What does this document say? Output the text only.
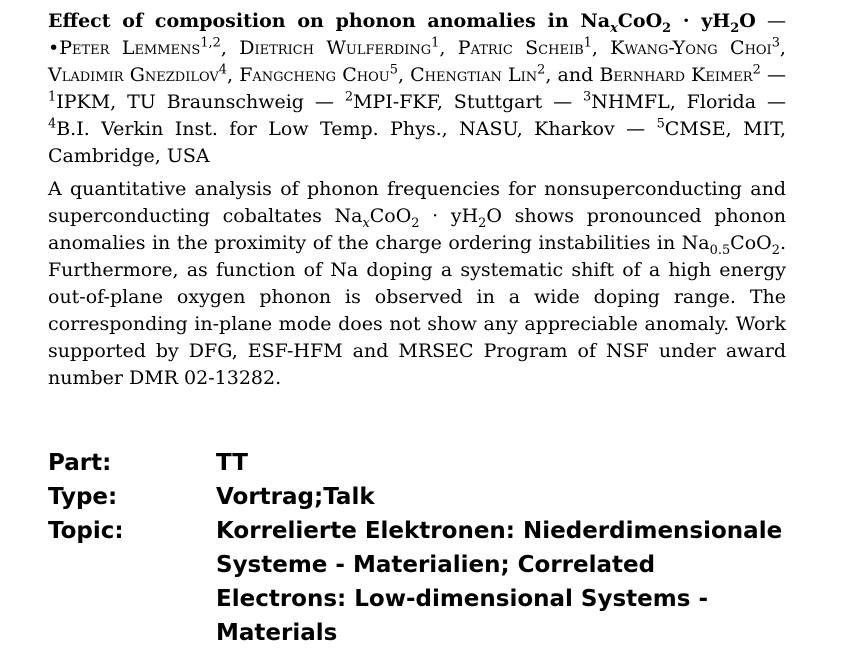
Effect of composition on phonon anomalies in $Na_xCoO_2 \cdot yH_2O$ — •Peter Lemmens$^{1,2}$, Dietrich Wulferding$^1$, Patric Scheib$^1$, Kwang-Yong Choi$^3$, Vladimir Gnezdilov$^4$, Fangcheng Chou$^5$, Chengtian Lin$^2$, and Bernhard Keimer$^2$ — $^1$IPKM, TU Braunschweig — $^2$MPI-FKF, Stuttgart — $^3$NHMFL, Florida — $^4$B.I. Verkin Inst. for Low Temp. Phys., NASU, Kharkov — $^5$CMSE, MIT, Cambridge, USA

A quantitative analysis of phonon frequencies for nonsuperconducting and superconducting cobaltates $Na_xCoO_2 \cdot yH_2O$ shows pronounced phonon anomalies in the proximity of the charge ordering instabilities in $Na_{0.5}CoO_2$. Furthermore, as function of Na doping a systematic shift of a high energy out-of-plane oxygen phonon is observed in a wide doping range. The corresponding in-plane mode does not show any appreciable anomaly. Work supported by DFG, ESF-HFM and MRSEC Program of NSF under award number DMR 02-13282.

Part:	TT
Type:	Vortrag;Talk
Topic:	Korrelierte Elektronen: Niederdimensionale Systeme - Materialien; Correlated Electrons: Low-dimensional Systems - Materials
